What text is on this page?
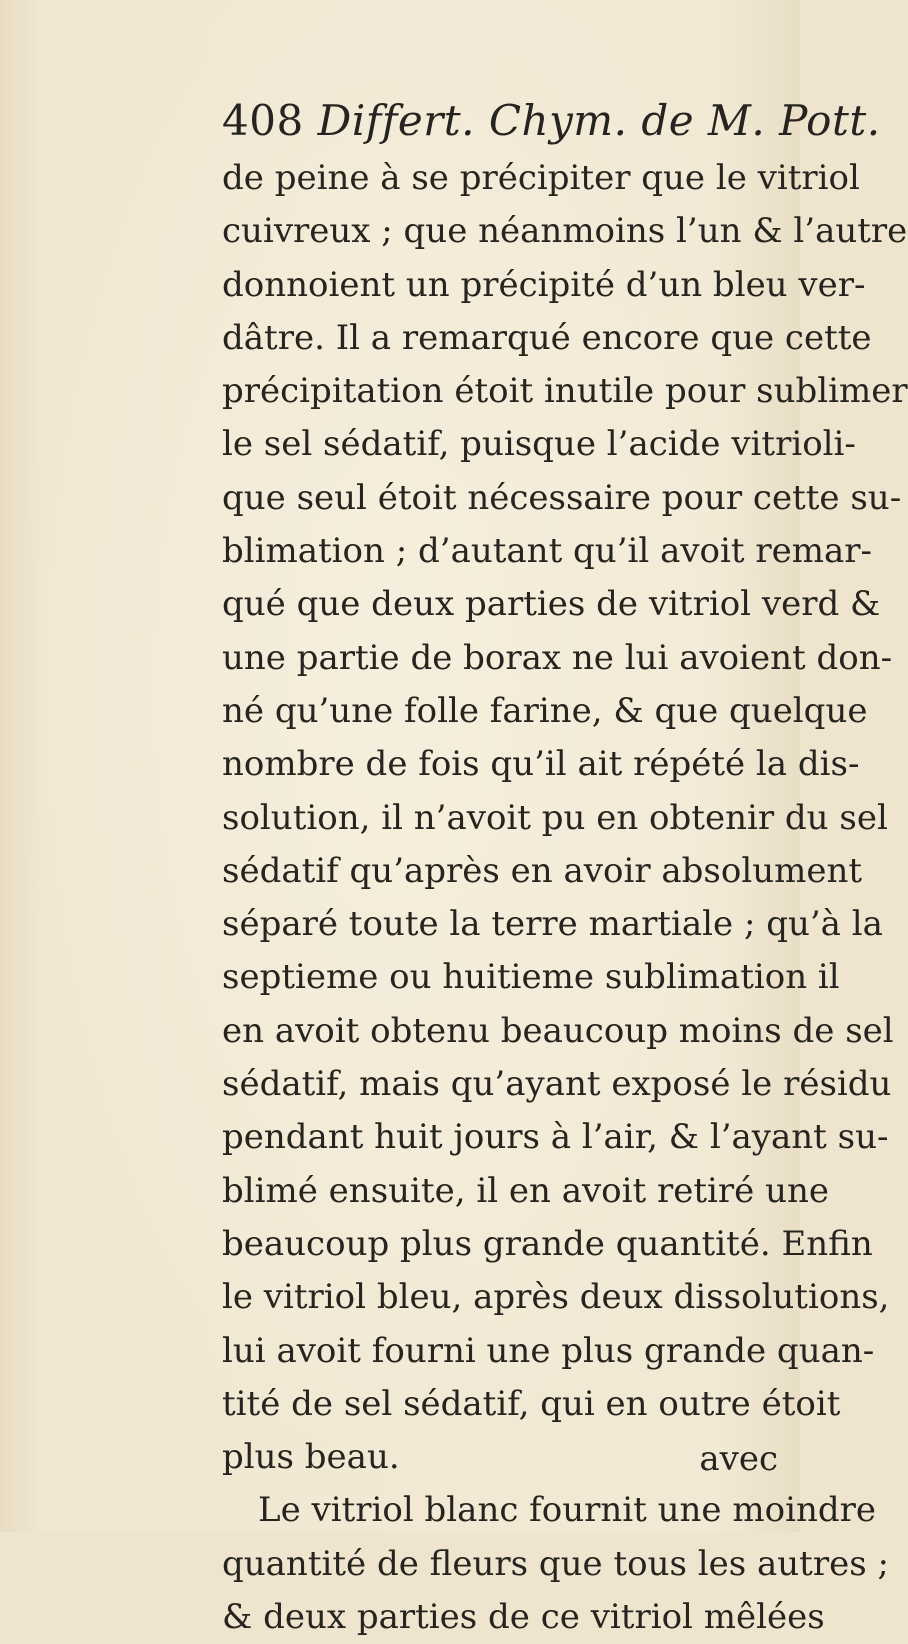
408 Differt. Chym. de M. Pott.
de peine à se précipiter que le vitriol
cuivreux ; que néanmoins l’un & l’autre
donnoient un précipité d’un bleu ver-
dâtre. Il a remarqué encore que cette
précipitation étoit inutile pour sublimer
le sel sédatif, puisque l’acide vitrioli-
que seul étoit nécessaire pour cette su-
blimation ; d’autant qu’il avoit remar-
qué que deux parties de vitriol verd &
une partie de borax ne lui avoient don-
né qu’une folle farine, & que quelque
nombre de fois qu’il ait répété la dis-
solution, il n’avoit pu en obtenir du sel
sédatif qu’après en avoir absolument
séparé toute la terre martiale ; qu’à la
septieme ou huitieme sublimation il
en avoit obtenu beaucoup moins de sel
sédatif, mais qu’ayant exposé le résidu
pendant huit jours à l’air, & l’ayant su-
blimé ensuite, il en avoit retiré une
beaucoup plus grande quantité. Enfin
le vitriol bleu, après deux dissolutions,
lui avoit fourni une plus grande quan-
tité de sel sédatif, qui en outre étoit
plus beau.
Le vitriol blanc fournit une moindre
quantité de fleurs que tous les autres ;
& deux parties de ce vitriol mêlées
avec
